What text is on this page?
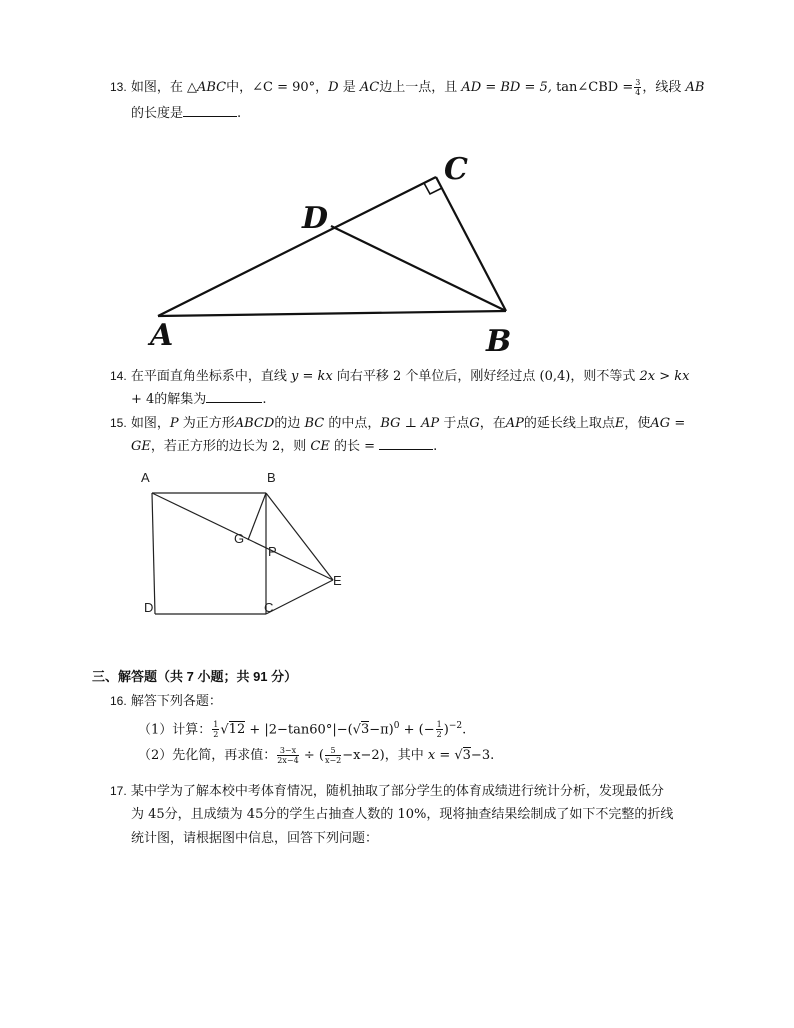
13. 如图，在 △ABC中，∠C = 90°，D 是 AC边上一点，且 AD = BD = 5, tan∠CBD = $\frac{3}{4}$ ，线段 AB
的长度是	.
A	B
C
D
14. 在平面直角坐标系中，直线 y = kx 向右平移 2 个单位后，刚好经过点 (0,4)，则不等式 2x > kx
+ 4的解集为	.
15. 如图，P 为正方形ABCD的边 BC 的中点，BG ⊥ AP 于点G，在AP的延长线上取点E，使AG =
GE，若正方形的边长为 2，则 CE 的长 =	.
A	B
C
D
G
P
E
三、解答题（共 7 小题；共 91 分）
16. 解答下列各题：
（1）计算： $\frac{1}{2} √12 + |2-\tan 60^\circ|-(√3-\pi)^0$ + (− $\frac{1}{2} )^{-2}$.
（2）先化简，再求值： $\frac{3-x}{2x-4}$ ÷ ( $\frac{5}{x-2} -x-2$)，其中 x = √3−3.
17. 某中学为了解本校中考体育情况，随机抽取了部分学生的体育成绩进行统计分析，发现最低分
为 45分，且成绩为 45分的学生占抽查人数的 10%，现将抽查结果绘制成了如下不完整的折线
统计图，请根据图中信息，回答下列问题：
